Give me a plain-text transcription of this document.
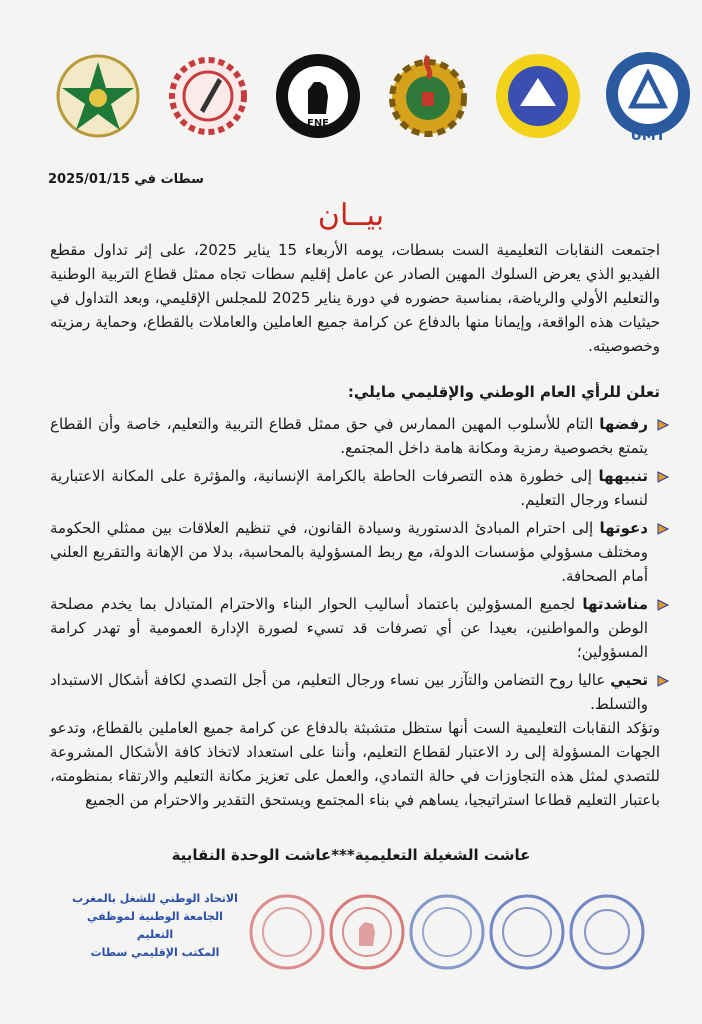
FNE
UMT
سطات في 2025/01/15
بيــان
اجتمعت النقابات التعليمية الست بسطات، يومه الأربعاء 15 يناير 2025، على إثر تداول مقطع الفيديو الذي يعرض السلوك المهين الصادر عن عامل إقليم سطات تجاه ممثل قطاع التربية الوطنية والتعليم الأولي والرياضة، بمناسبة حضوره في دورة يناير 2025 للمجلس الإقليمي، وبعد التداول في حيثيات هذه الواقعة، وإيمانا منها بالدفاع عن كرامة جميع العاملين والعاملات بالقطاع، وحماية رمزيته وخصوصيته.
تعلن للرأي العام الوطني والإقليمي مايلي:
رفضها التام للأسلوب المهين الممارس في حق ممثل قطاع التربية والتعليم، خاصة وأن القطاع يتمتع بخصوصية رمزية ومكانة هامة داخل المجتمع.
تنبيهها إلى خطورة هذه التصرفات الحاطة بالكرامة الإنسانية، والمؤثرة على المكانة الاعتبارية لنساء ورجال التعليم.
دعوتها إلى احترام المبادئ الدستورية وسيادة القانون، في تنظيم العلاقات بين ممثلي الحكومة ومختلف مسؤولي مؤسسات الدولة، مع ربط المسؤولية بالمحاسبة، بدلا من الإهانة والتقريع العلني أمام الصحافة.
مناشدتها لجميع المسؤولين باعتماد أساليب الحوار البناء والاحترام المتبادل بما يخدم مصلحة الوطن والمواطنين، بعيدا عن أي تصرفات قد تسيء لصورة الإدارة العمومية أو تهدر كرامة المسؤولين؛
تحيي عاليا روح التضامن والتآزر بين نساء ورجال التعليم، من أجل التصدي لكافة أشكال الاستبداد والتسلط.
وتؤكد النقابات التعليمية الست أنها ستظل متشبثة بالدفاع عن كرامة جميع العاملين بالقطاع، وتدعو الجهات المسؤولة إلى رد الاعتبار لقطاع التعليم، وأننا على استعداد لاتخاذ كافة الأشكال المشروعة للتصدي لمثل هذه التجاوزات في حالة التمادي، والعمل على تعزيز مكانة التعليم والارتقاء بمنظومته، باعتبار التعليم قطاعا استراتيجيا، يساهم في بناء المجتمع ويستحق التقدير والاحترام من الجميع
عاشت الشغيلة التعليمية***عاشت الوحدة النقابية
الاتحاد الوطني للشغل بالمغرب
الجامعة الوطنية لموظفي التعليم
المكتب الإقليمي سطات
